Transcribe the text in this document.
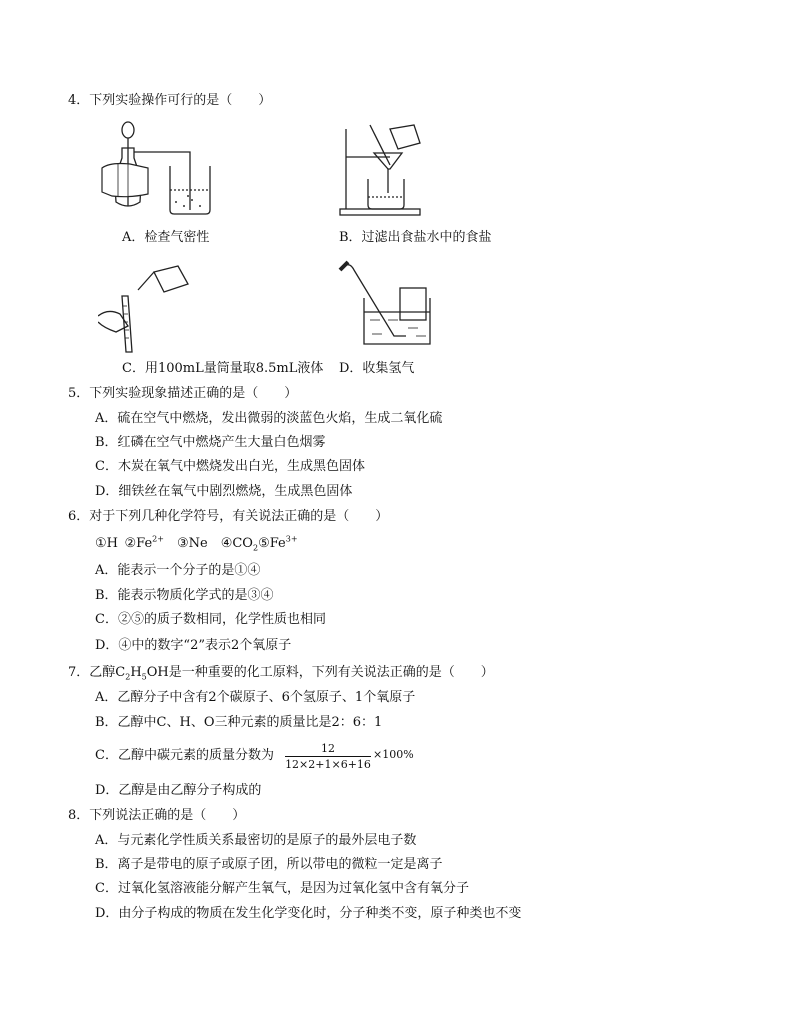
4．下列实验操作可行的是（　　）
A．检查气密性	B．过滤出食盐水中的食盐
C．用100mL量筒量取8.5mL液体 D．收集氢气
5．下列实验现象描述正确的是（　　）
A．硫在空气中燃烧，发出微弱的淡蓝色火焰，生成二氧化硫
B．红磷在空气中燃烧产生大量白色烟雾
C．木炭在氧气中燃烧发出白光，生成黑色固体
D．细铁丝在氧气中剧烈燃烧，生成黑色固体
6．对于下列几种化学符号，有关说法正确的是（　　）
①H  $②Fe^{2+}$  ③Ne  $④CO_2⑤Fe^{3+}$
A．能表示一个分子的是①④
B．能表示物质化学式的是③④
C．②⑤的质子数相同，化学性质也相同
D．④中的数字“2”表示2个氧原子
7．乙醇$C_2H_5OH$是一种重要的化工原料，下列有关说法正确的是（　　）
A．乙醇分子中含有2个碳原子、6个氢原子、1个氧原子
B．乙醇中C、H、O三种元素的质量比是2：6：1
C．乙醇中碳元素的质量分数为 $\frac{12}{12\times 2+1\times 6+16} \times 100\%$
D．乙醇是由乙醇分子构成的
8．下列说法正确的是（　　）
A．与元素化学性质关系最密切的是原子的最外层电子数
B．离子是带电的原子或原子团，所以带电的微粒一定是离子
C．过氧化氢溶液能分解产生氧气，是因为过氧化氢中含有氧分子
D．由分子构成的物质在发生化学变化时，分子种类不变，原子种类也不变
